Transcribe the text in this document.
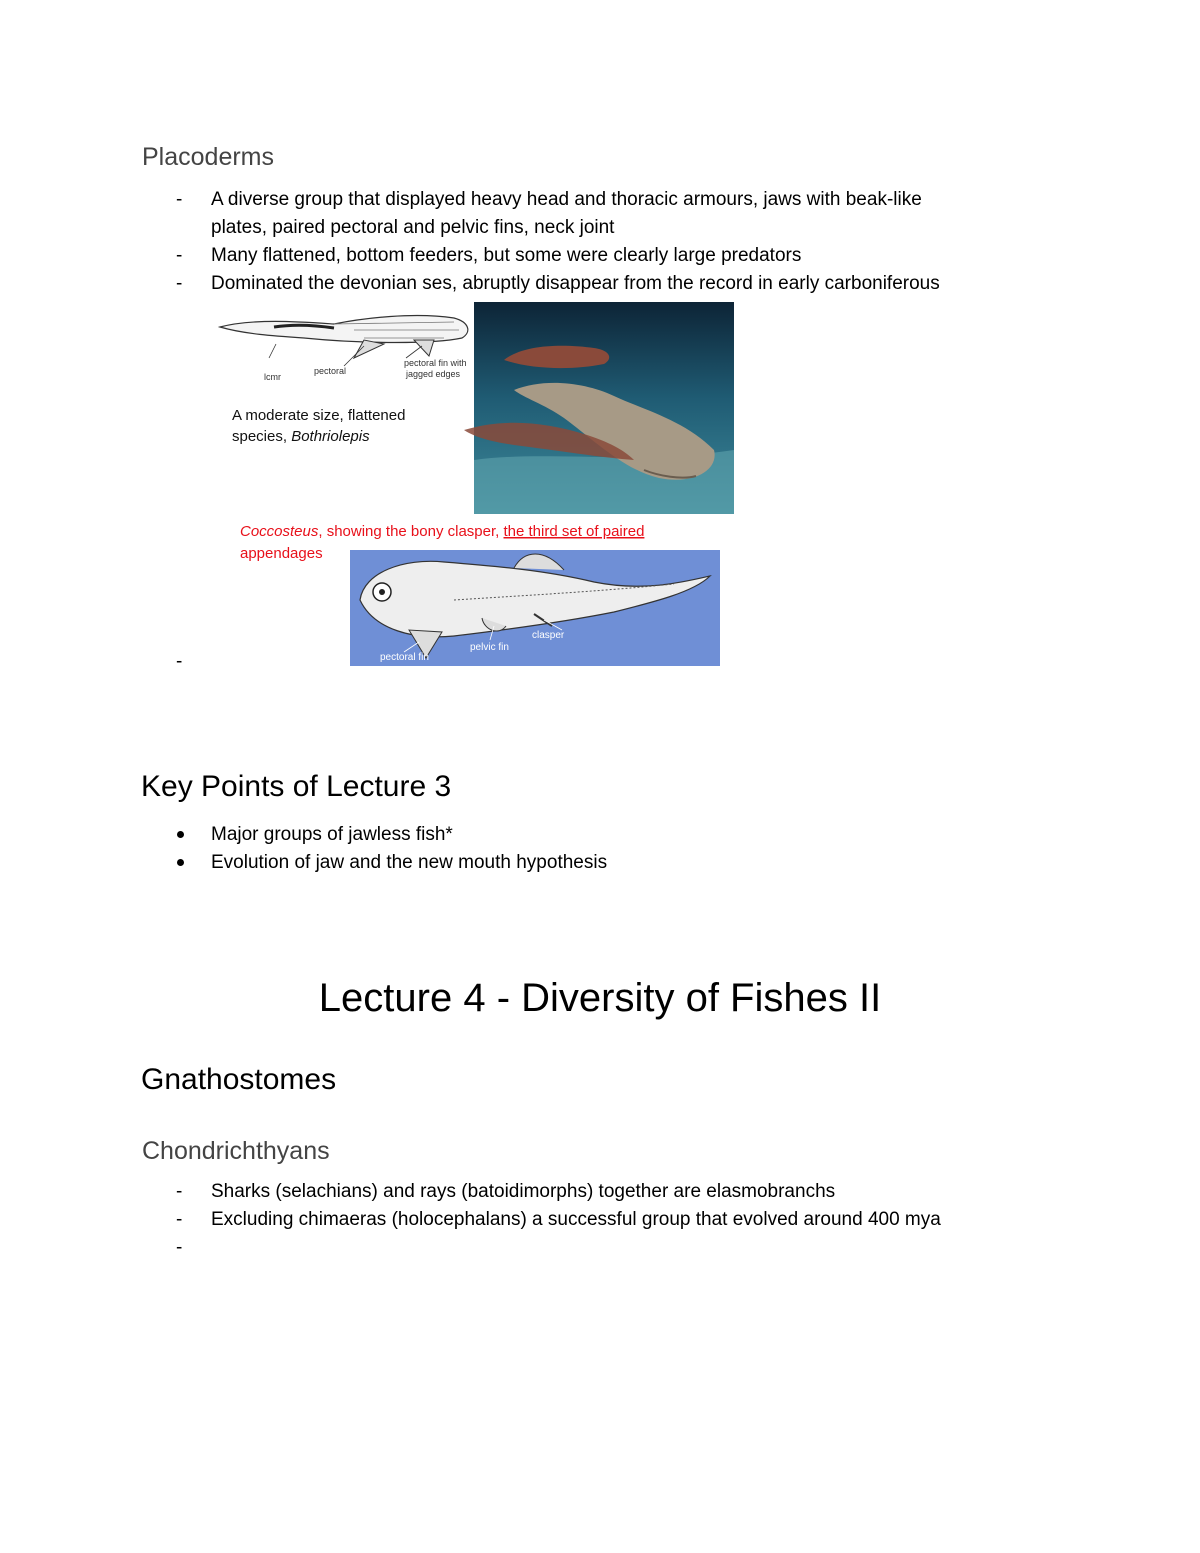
Placoderms
- A diverse group that displayed heavy head and thoracic armours, jaws with beak-like
plates, paired pectoral and pelvic fins, neck joint
- Many flattened, bottom feeders, but some were clearly large predators
- Dominated the devonian ses, abruptly disappear from the record in early carboniferous
lcmr
pectoral
pectoral fin with
jagged edges
A moderate size, flattened
species, Bothriolepis
Coccosteus, showing the bony clasper, the third set of paired
appendages
clasper
pelvic fin
pectoral fin
-
Key Points of Lecture 3
Major groups of jawless fish*
Evolution of jaw and the new mouth hypothesis
Lecture 4 - Diversity of Fishes II
Gnathostomes
Chondrichthyans
- Sharks (selachians) and rays (batoidimorphs) together are elasmobranchs
- Excluding chimaeras (holocephalans) a successful group that evolved around 400 mya
-
